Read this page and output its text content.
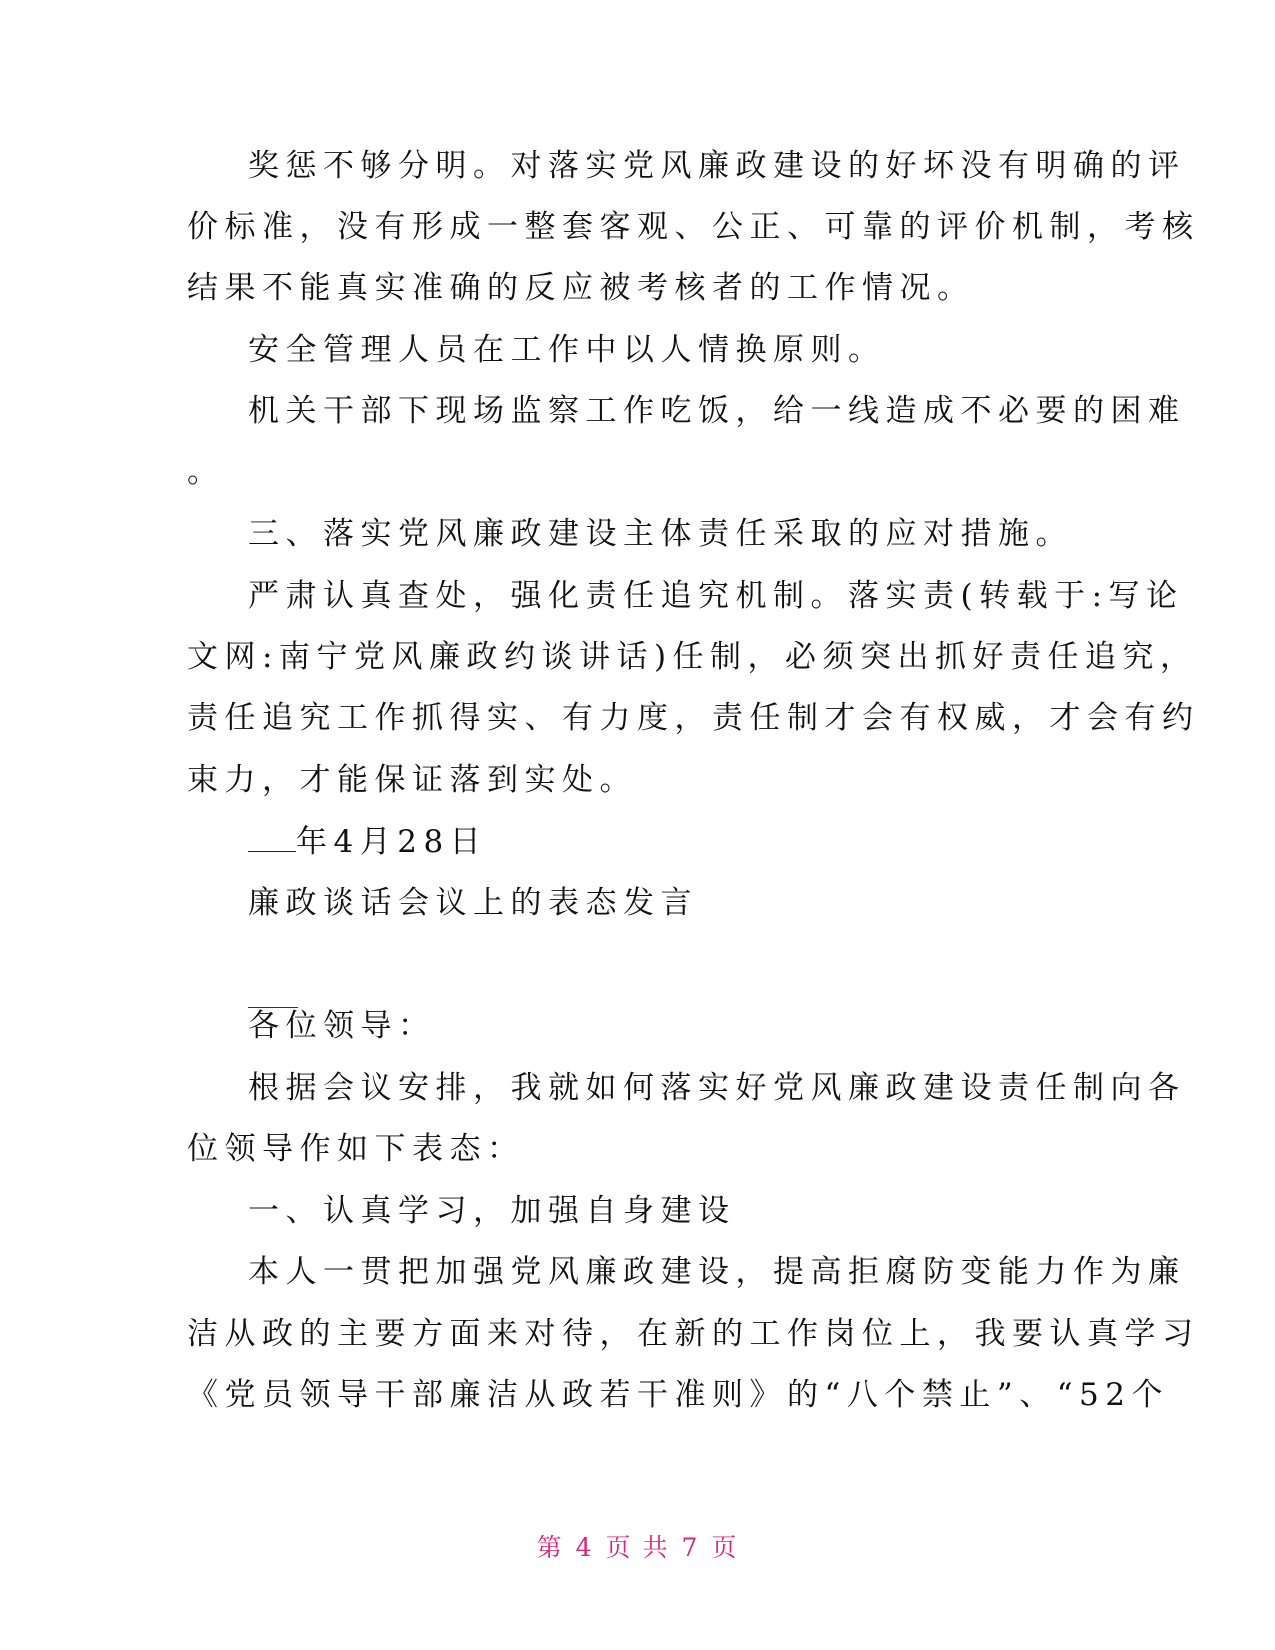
奖惩不够分明。对落实党风廉政建设的好坏没有明确的评
价标准，没有形成一整套客观、公正、可靠的评价机制，考核
结果不能真实准确的反应被考核者的工作情况。
安全管理人员在工作中以人情换原则。
机关干部下现场监察工作吃饭，给一线造成不必要的困难
。
三、落实党风廉政建设主体责任采取的应对措施。
严肃认真查处，强化责任追究机制。落实责(转载于:写论
文网:南宁党风廉政约谈讲话)任制，必须突出抓好责任追究，
责任追究工作抓得实、有力度，责任制才会有权威，才会有约
束力，才能保证落到实处。
年4月28日
廉政谈话会议上的表态发言
各位领导：
根据会议安排，我就如何落实好党风廉政建设责任制向各
位领导作如下表态：
一、认真学习，加强自身建设
本人一贯把加强党风廉政建设，提高拒腐防变能力作为廉
洁从政的主要方面来对待，在新的工作岗位上，我要认真学习
《党员领导干部廉洁从政若干准则》的“八个禁止”、“52个
第 4 页 共 7 页
